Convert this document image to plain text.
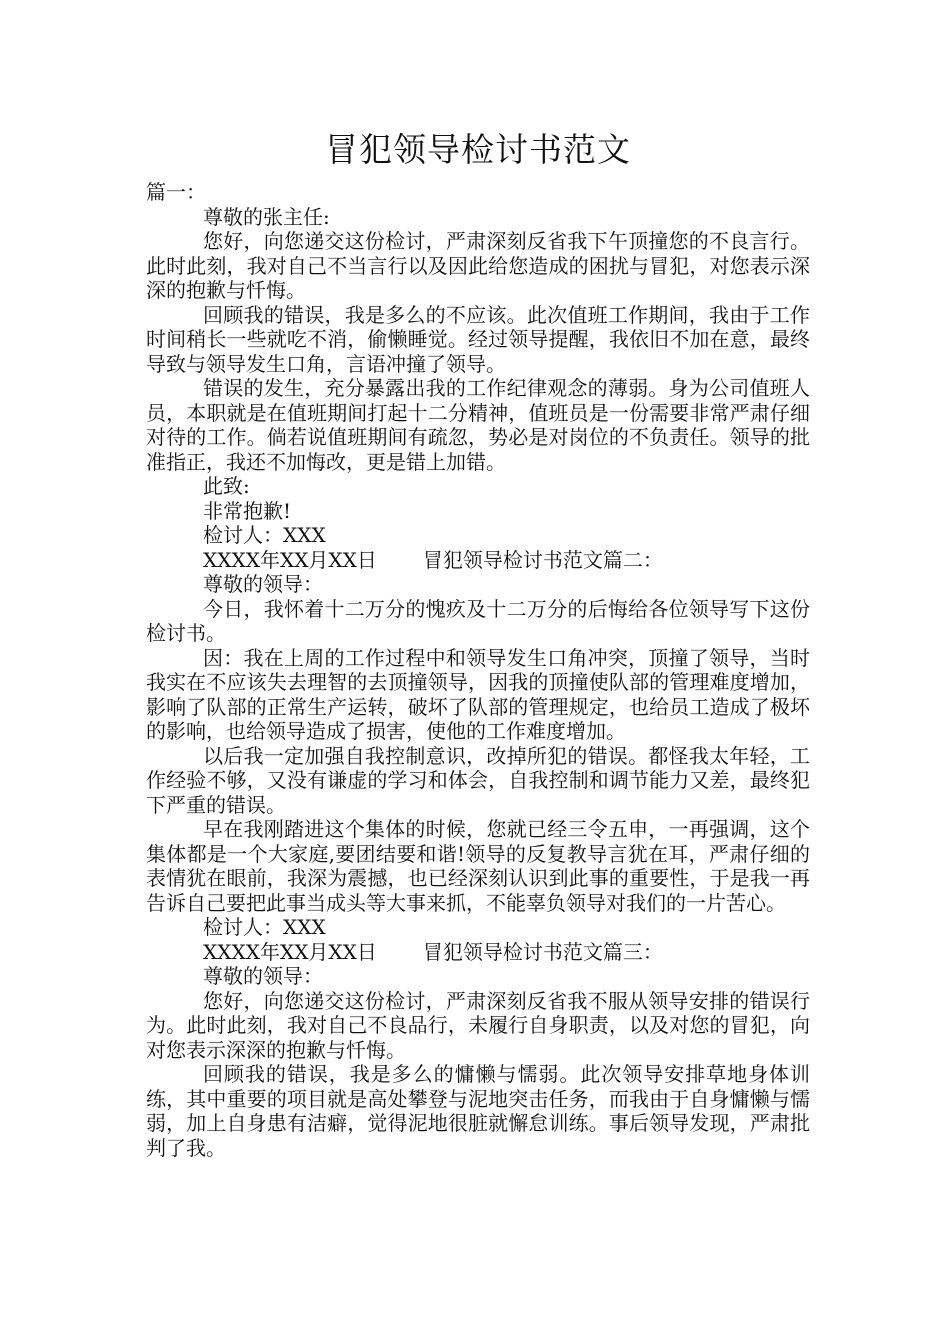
冒犯领导检讨书范文

篇一：

尊敬的张主任:

您好，向您递交这份检讨，严肃深刻反省我下午顶撞您的不良言行。此时此刻，我对自己不当言行以及因此给您造成的困扰与冒犯，对您表示深深的抱歉与忏悔。

回顾我的错误，我是多么的不应该。此次值班工作期间，我由于工作时间稍长一些就吃不消，偷懒睡觉。经过领导提醒，我依旧不加在意，最终导致与领导发生口角，言语冲撞了领导。

错误的发生，充分暴露出我的工作纪律观念的薄弱。身为公司值班人员，本职就是在值班期间打起十二分精神，值班员是一份需要非常严肃仔细对待的工作。倘若说值班期间有疏忽，势必是对岗位的不负责任。领导的批准指正，我还不加悔改，更是错上加错。

此致:

非常抱歉!

检讨人：XXX

XXXX年XX月XX日 冒犯领导检讨书范文篇二：

尊敬的领导：

今日，我怀着十二万分的愧疚及十二万分的后悔给各位领导写下这份检讨书。

因：我在上周的工作过程中和领导发生口角冲突，顶撞了领导，当时我实在不应该失去理智的去顶撞领导，因我的顶撞使队部的管理难度增加，影响了队部的正常生产运转，破坏了队部的管理规定，也给员工造成了极坏的影响，也给领导造成了损害，使他的工作难度增加。

以后我一定加强自我控制意识，改掉所犯的错误。都怪我太年轻，工作经验不够，又没有谦虚的学习和体会，自我控制和调节能力又差，最终犯下严重的错误。

早在我刚踏进这个集体的时候，您就已经三令五申，一再强调，这个集体都是一个大家庭,要团结要和谐!领导的反复教导言犹在耳，严肃仔细的表情犹在眼前，我深为震撼，也已经深刻认识到此事的重要性，于是我一再告诉自己要把此事当成头等大事来抓，不能辜负领导对我们的一片苦心。

检讨人：XXX

XXXX年XX月XX日 冒犯领导检讨书范文篇三：

尊敬的领导：

您好，向您递交这份检讨，严肃深刻反省我不服从领导安排的错误行为。此时此刻，我对自己不良品行，未履行自身职责，以及对您的冒犯，向对您表示深深的抱歉与忏悔。

回顾我的错误，我是多么的慵懒与懦弱。此次领导安排草地身体训练，其中重要的项目就是高处攀登与泥地突击任务，而我由于自身慵懒与懦弱，加上自身患有洁癖，觉得泥地很脏就懈怠训练。事后领导发现，严肃批判了我。
